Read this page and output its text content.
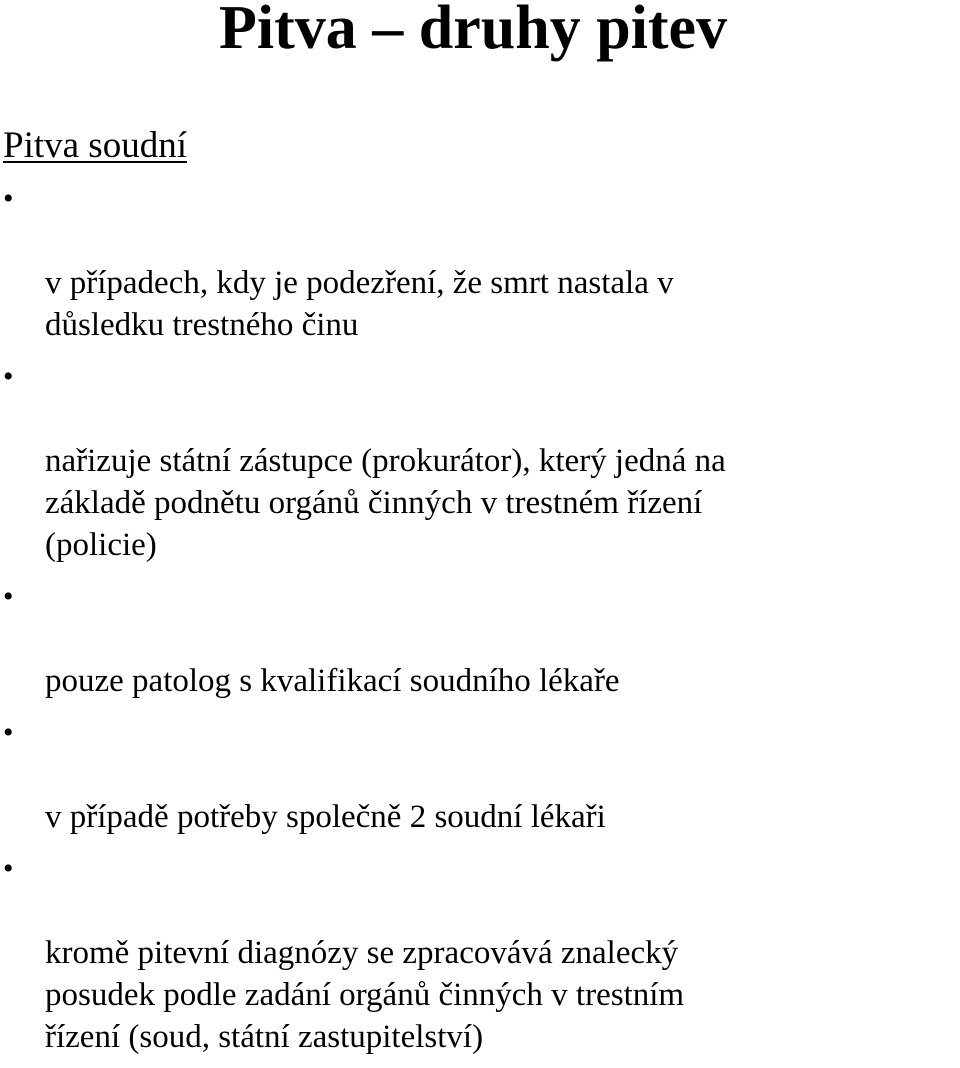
Pitva – druhy pitev
Pitva soudní

•

v případech, kdy je podezření, že smrt nastala v
důsledku trestného činu

•

nařizuje státní zástupce (prokurátor), který jedná na
základě podnětu orgánů činných v trestném řízení
(policie)

•

pouze patolog s kvalifikací soudního lékaře

•

v případě potřeby společně 2 soudní lékaři

•

kromě pitevní diagnózy se zpracovává znalecký
posudek podle zadání orgánů činných v trestním
řízení (soud, státní zastupitelství)
